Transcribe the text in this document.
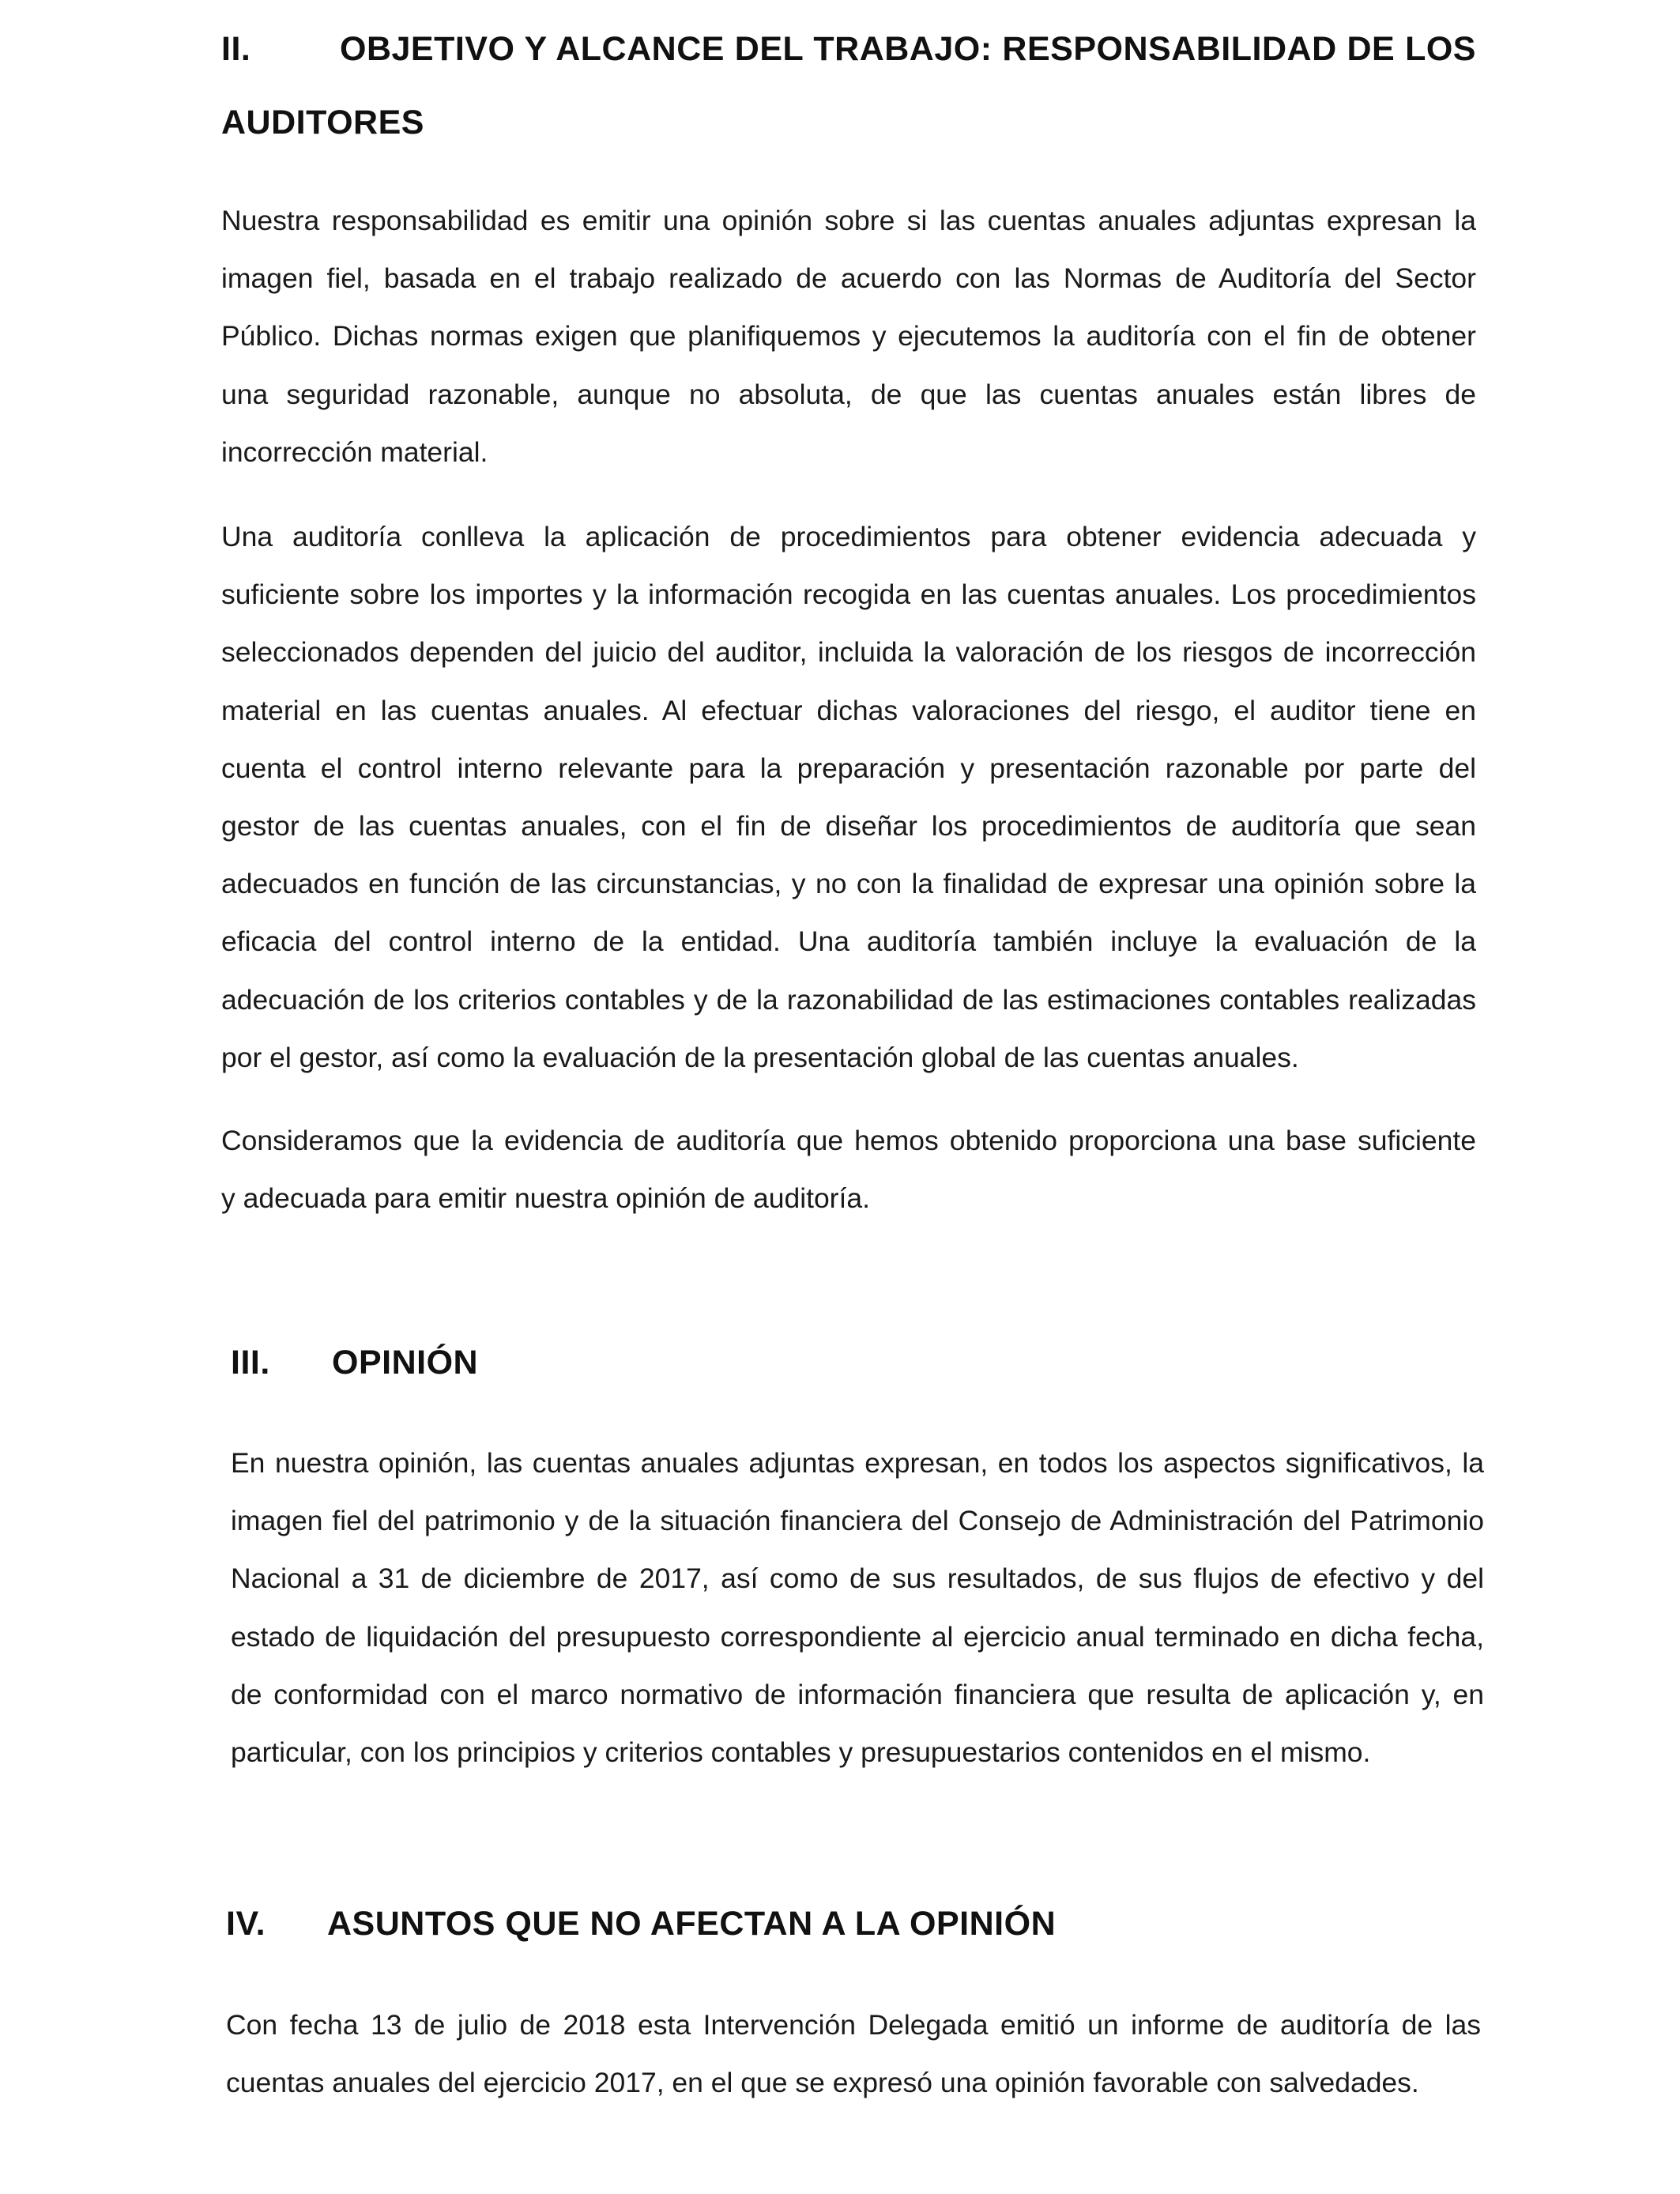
II.	OBJETIVO Y ALCANCE DEL TRABAJO: RESPONSABILIDAD DE LOS
AUDITORES
Nuestra responsabilidad es emitir una opinión sobre si las cuentas anuales adjuntas expresan la
imagen fiel, basada en el trabajo realizado de acuerdo con las Normas de Auditoría del Sector
Público. Dichas normas exigen que planifiquemos y ejecutemos la auditoría con el fin de obtener
una seguridad razonable, aunque no absoluta, de que las cuentas anuales están libres de
incorrección material.
Una auditoría conlleva la aplicación de procedimientos para obtener evidencia adecuada y
suficiente sobre los importes y la información recogida en las cuentas anuales. Los procedimientos
seleccionados dependen del juicio del auditor, incluida la valoración de los riesgos de incorrección
material en las cuentas anuales. Al efectuar dichas valoraciones del riesgo, el auditor tiene en
cuenta el control interno relevante para la preparación y presentación razonable por parte del
gestor de las cuentas anuales, con el fin de diseñar los procedimientos de auditoría que sean
adecuados en función de las circunstancias, y no con la finalidad de expresar una opinión sobre la
eficacia del control interno de la entidad. Una auditoría también incluye la evaluación de la
adecuación de los criterios contables y de la razonabilidad de las estimaciones contables realizadas
por el gestor, así como la evaluación de la presentación global de las cuentas anuales.
Consideramos que la evidencia de auditoría que hemos obtenido proporciona una base suficiente
y adecuada para emitir nuestra opinión de auditoría.
III. OPINIÓN
En nuestra opinión, las cuentas anuales adjuntas expresan, en todos los aspectos significativos, la
imagen fiel del patrimonio y de la situación financiera del Consejo de Administración del Patrimonio
Nacional a 31 de diciembre de 2017, así como de sus resultados, de sus flujos de efectivo y del
estado de liquidación del presupuesto correspondiente al ejercicio anual terminado en dicha fecha,
de conformidad con el marco normativo de información financiera que resulta de aplicación y, en
particular, con los principios y criterios contables y presupuestarios contenidos en el mismo.
IV. ASUNTOS QUE NO AFECTAN A LA OPINIÓN
Con fecha 13 de julio de 2018 esta Intervención Delegada emitió un informe de auditoría de las
cuentas anuales del ejercicio 2017, en el que se expresó una opinión favorable con salvedades.
